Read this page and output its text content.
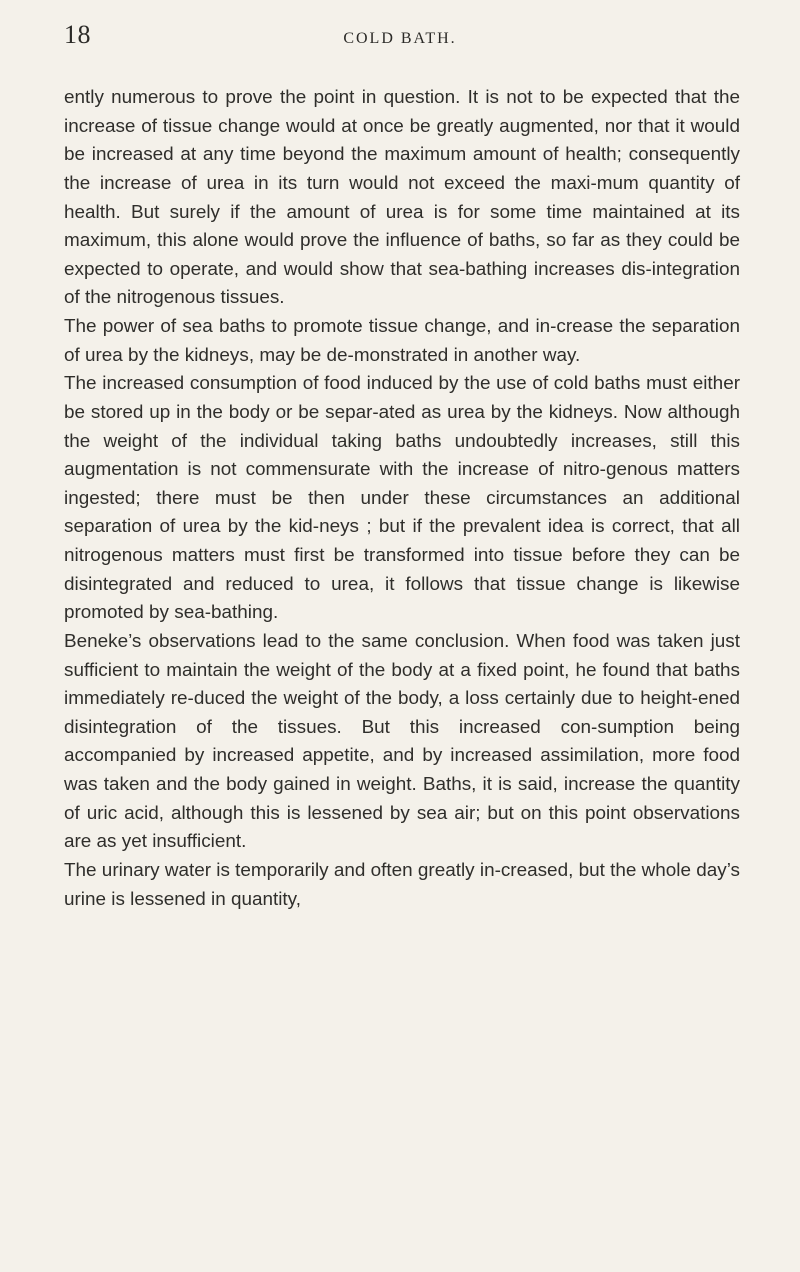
18	COLD BATH.

ently numerous to prove the point in question. It is not to be expected that the increase of tissue change would at once be greatly augmented, nor that it would be increased at any time beyond the maximum amount of health; consequently the increase of urea in its turn would not exceed the maxi-mum quantity of health. But surely if the amount of urea is for some time maintained at its maximum, this alone would prove the influence of baths, so far as they could be expected to operate, and would show that sea-bathing increases dis-integration of the nitrogenous tissues.

The power of sea baths to promote tissue change, and in-crease the separation of urea by the kidneys, may be de-monstrated in another way.

The increased consumption of food induced by the use of cold baths must either be stored up in the body or be separ-ated as urea by the kidneys. Now although the weight of the individual taking baths undoubtedly increases, still this augmentation is not commensurate with the increase of nitro-genous matters ingested; there must be then under these circumstances an additional separation of urea by the kid-neys ; but if the prevalent idea is correct, that all nitrogenous matters must first be transformed into tissue before they can be disintegrated and reduced to urea, it follows that tissue change is likewise promoted by sea-bathing.

Beneke’s observations lead to the same conclusion. When food was taken just sufficient to maintain the weight of the body at a fixed point, he found that baths immediately re-duced the weight of the body, a loss certainly due to height-ened disintegration of the tissues. But this increased con-sumption being accompanied by increased appetite, and by increased assimilation, more food was taken and the body gained in weight. Baths, it is said, increase the quantity of uric acid, although this is lessened by sea air; but on this point observations are as yet insufficient.

The urinary water is temporarily and often greatly in-creased, but the whole day’s urine is lessened in quantity,
